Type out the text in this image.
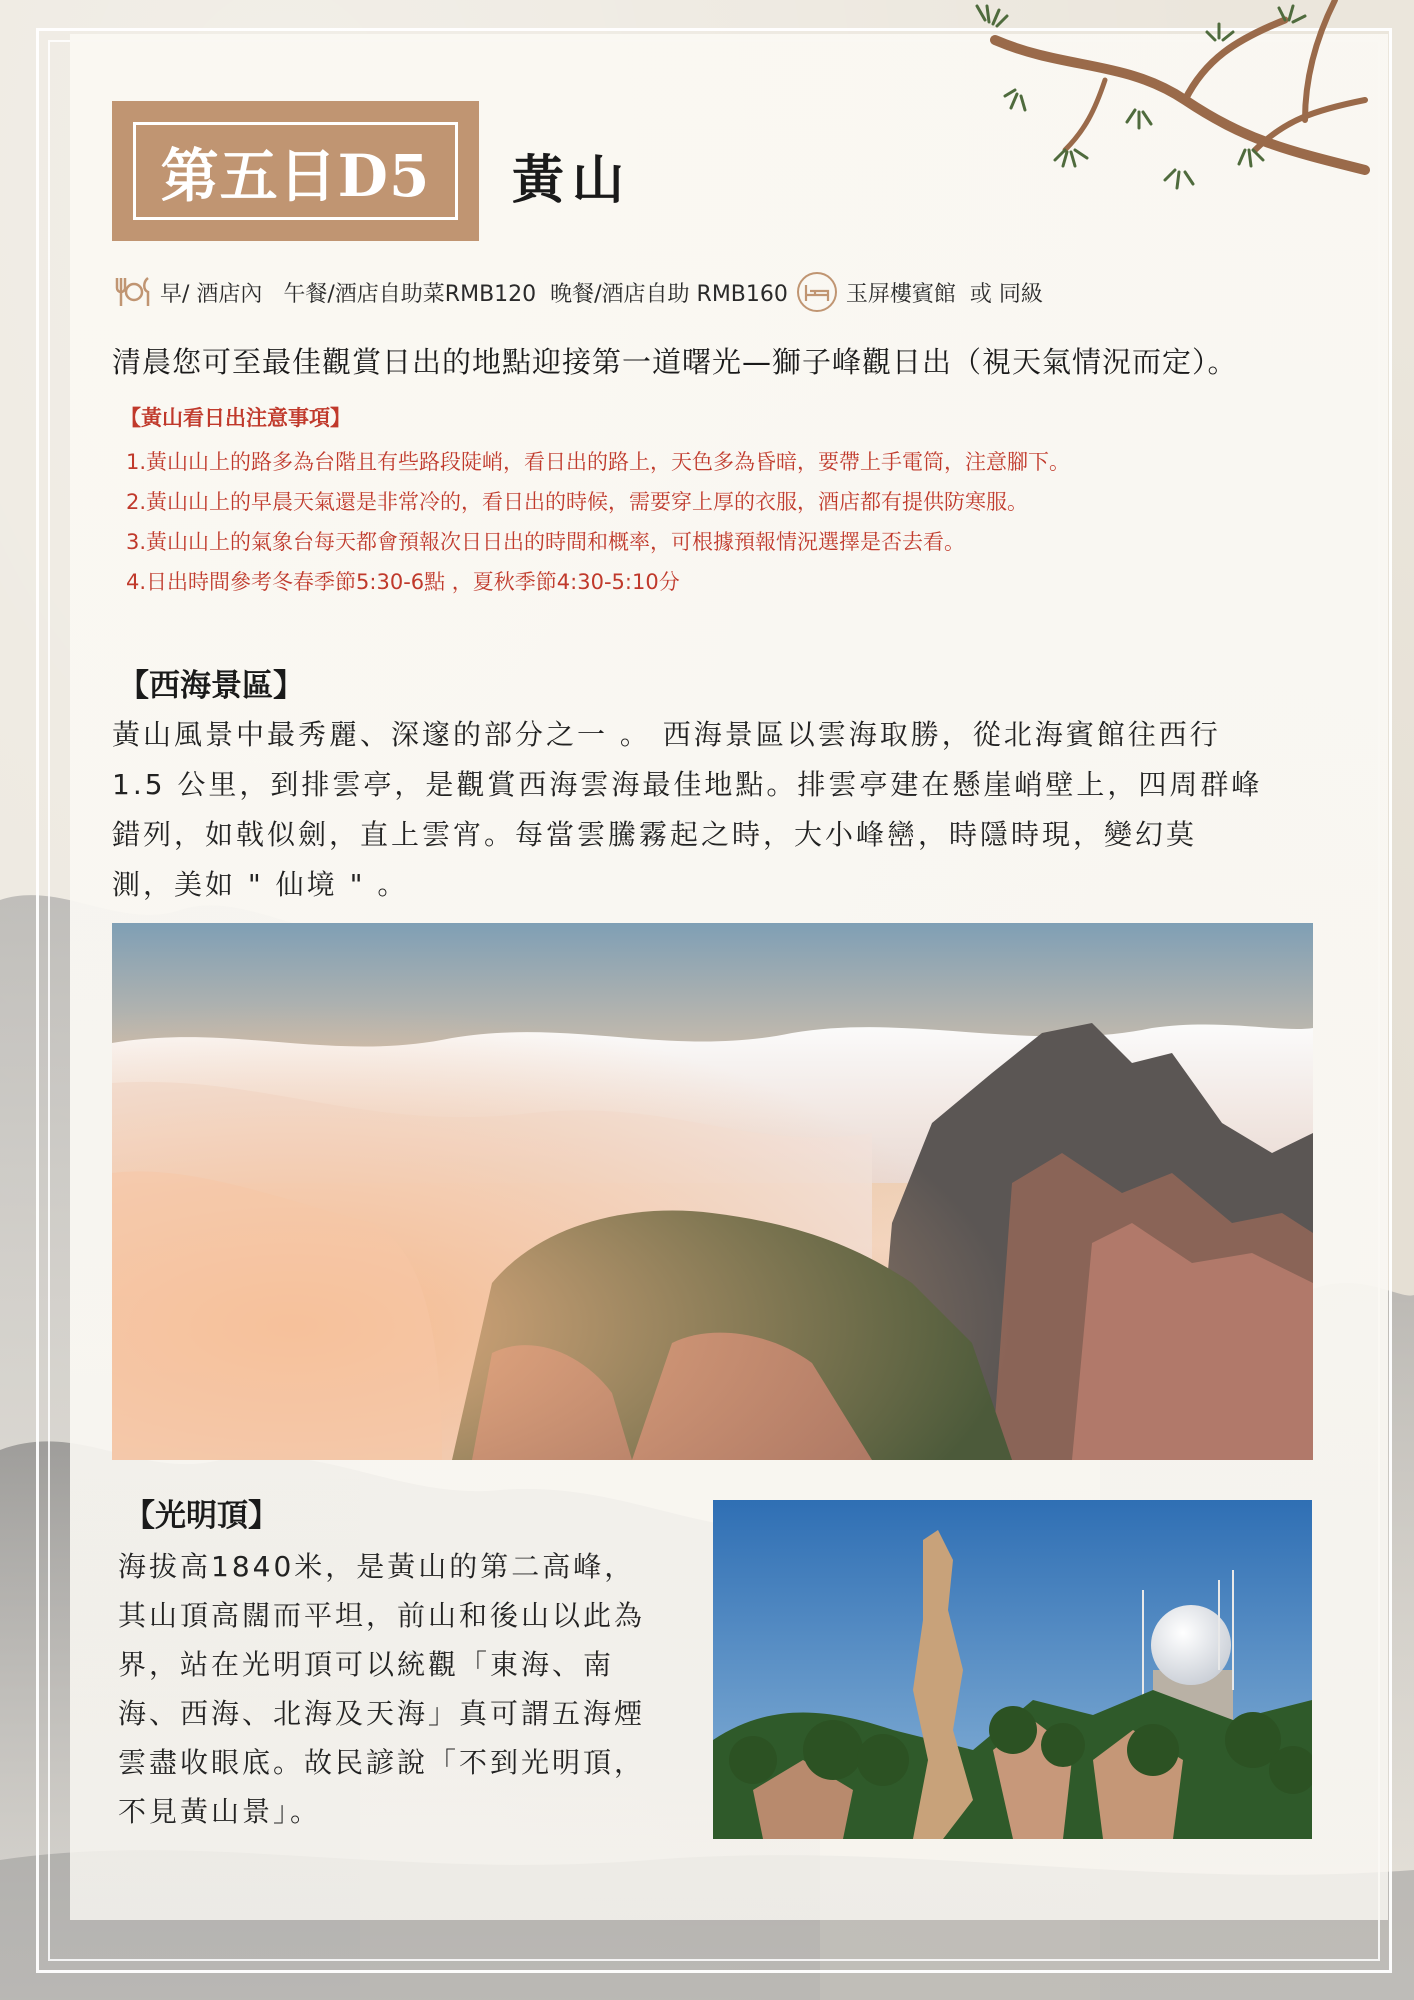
第五日D5 黃山
早/ 酒店內   午餐/酒店自助菜RMB120  晚餐/酒店自助 RMB160	玉屏樓賓館  或 同級
清晨您可至最佳觀賞日出的地點迎接第一道曙光—獅子峰觀日出（視天氣情況而定）。
【黃山看日出注意事項】
1.黃山山上的路多為台階且有些路段陡峭，看日出的路上，天色多為昏暗，要帶上手電筒，注意腳下。
2.黃山山上的早晨天氣還是非常冷的，看日出的時候，需要穿上厚的衣服，酒店都有提供防寒服。
3.黃山山上的氣象台每天都會預報次日日出的時間和概率，可根據預報情況選擇是否去看。
4.日出時間參考冬春季節5:30-6點 ，夏秋季節4:30-5:10分
【西海景區】
黃山風景中最秀麗、深邃的部分之一 。 西海景區以雲海取勝，從北海賓館往西行
1.5 公里，到排雲亭，是觀賞西海雲海最佳地點。排雲亭建在懸崖峭壁上，四周群峰
錯列，如戟似劍，直上雲宵。每當雲騰霧起之時，大小峰巒，時隱時現，變幻莫
測，美如 " 仙境 " 。
【光明頂】
海拔高1840米，是黃山的第二高峰，
其山頂高闊而平坦，前山和後山以此為
界，站在光明頂可以統觀「東海、南
海、西海、北海及天海」真可謂五海煙
雲盡收眼底。故民諺說「不到光明頂，
不見黃山景」。
